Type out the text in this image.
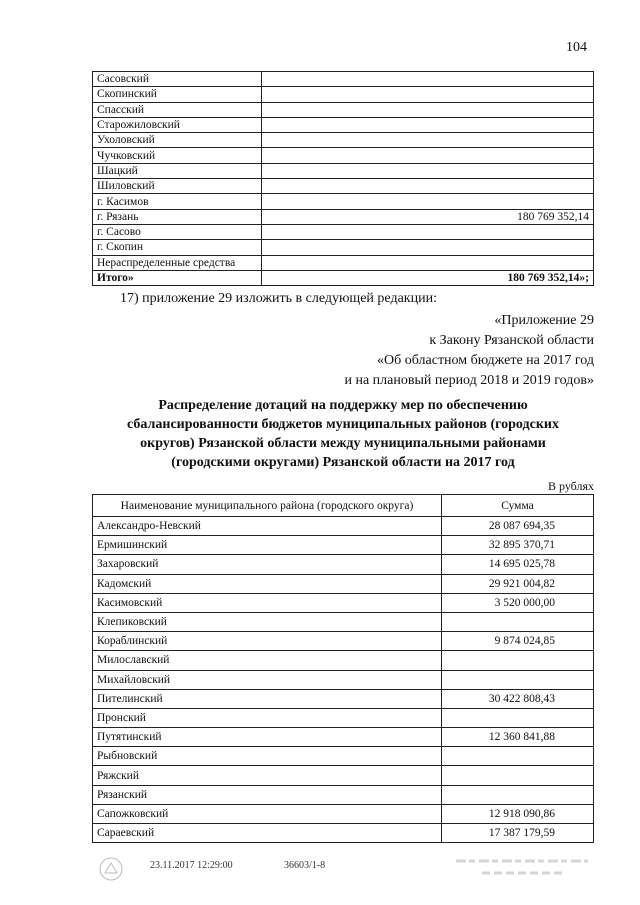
104
Сасовский	
Скопинский	
Спасский	
Старожиловский	
Ухоловский	
Чучковский	
Шацкий	
Шиловский	
г. Касимов	
г. Рязань	180 769 352,14
г. Сасово	
г. Скопин	
Нераспределенные средства	
Итого»	180 769 352,14»;
17) приложение 29 изложить в следующей редакции:
«Приложение 29
к Закону Рязанской области
«Об областном бюджете на 2017 год
и на плановый период 2018 и 2019 годов»
Распределение дотаций на поддержку мер по обеспечению
сбалансированности бюджетов муниципальных районов (городских
округов) Рязанской области между муниципальными районами
(городскими округами) Рязанской области на 2017 год
В рублях
Наименование муниципального района (городского округа)	Сумма
Александро-Невский	28 087 694,35
Ермишинский	32 895 370,71
Захаровский	14 695 025,78
Кадомский	29 921 004,82
Касимовский	3 520 000,00
Клепиковский	
Кораблинский	9 874 024,85
Милославский	
Михайловский	
Пителинский	30 422 808,43
Пронский	
Путятинский	12 360 841,88
Рыбновский	
Ряжский	
Рязанский	
Сапожковский	12 918 090,86
Сараевский	17 387 179,59
23.11.2017 12:29:00	36603/1-8
